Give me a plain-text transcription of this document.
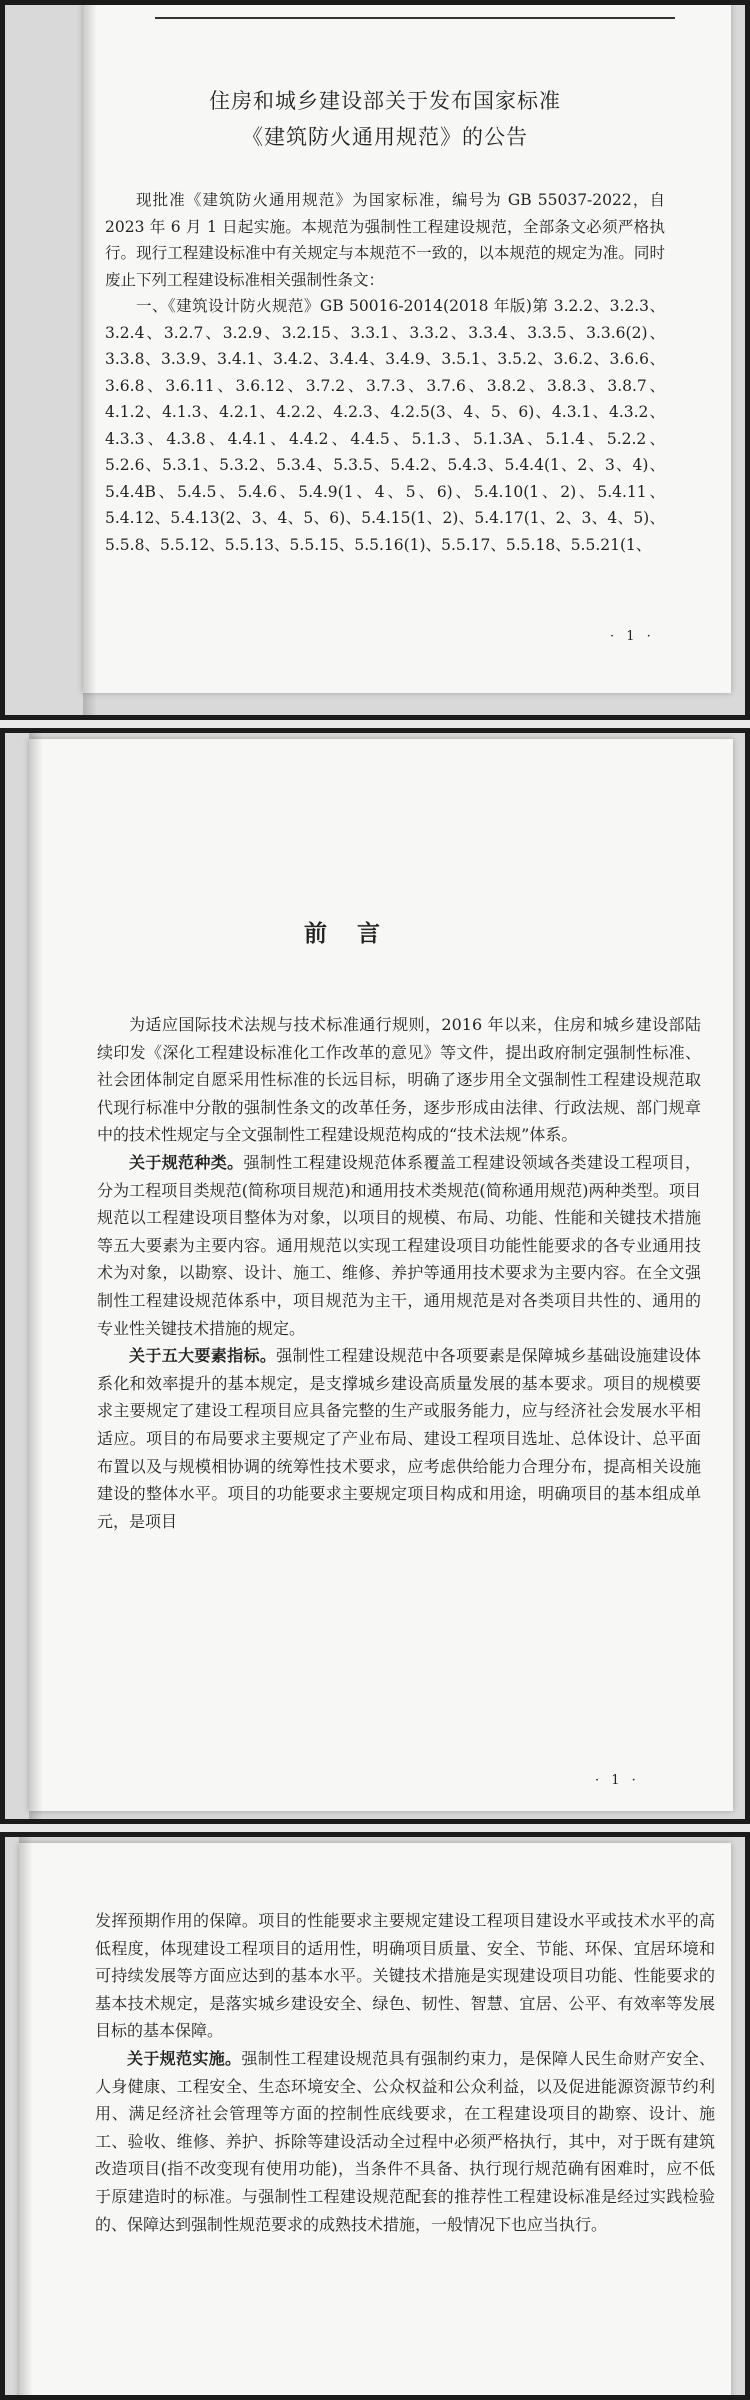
住房和城乡建设部关于发布国家标准
《建筑防火通用规范》的公告

现批准《建筑防火通用规范》为国家标准，编号为 GB 55037-2022，自 2023 年 6 月 1 日起实施。本规范为强制性工程建设规范，全部条文必须严格执行。现行工程建设标准中有关规定与本规范不一致的，以本规范的规定为准。同时废止下列工程建设标准相关强制性条文：

一、《建筑设计防火规范》GB 50016-2014(2018 年版)第 3.2.2、3.2.3、3.2.4、3.2.7、3.2.9、3.2.15、3.3.1、3.3.2、3.3.4、3.3.5、3.3.6(2)、3.3.8、3.3.9、3.4.1、3.4.2、3.4.4、3.4.9、3.5.1、3.5.2、3.6.2、3.6.6、3.6.8、3.6.11、3.6.12、3.7.2、3.7.3、3.7.6、3.8.2、3.8.3、3.8.7、4.1.2、4.1.3、4.2.1、4.2.2、4.2.3、4.2.5(3、4、5、6)、4.3.1、4.3.2、4.3.3、4.3.8、4.4.1、4.4.2、4.4.5、5.1.3、5.1.3A、5.1.4、5.2.2、5.2.6、5.3.1、5.3.2、5.3.4、5.3.5、5.4.2、5.4.3、5.4.4(1、2、3、4)、5.4.4B、5.4.5、5.4.6、5.4.9(1、4、5、6)、5.4.10(1、2)、5.4.11、5.4.12、5.4.13(2、3、4、5、6)、5.4.15(1、2)、5.4.17(1、2、3、4、5)、5.5.8、5.5.12、5.5.13、5.5.15、5.5.16(1)、5.5.17、5.5.18、5.5.21(1、

· 1 ·
前言

为适应国际技术法规与技术标准通行规则，2016 年以来，住房和城乡建设部陆续印发《深化工程建设标准化工作改革的意见》等文件，提出政府制定强制性标准、社会团体制定自愿采用性标准的长远目标，明确了逐步用全文强制性工程建设规范取代现行标准中分散的强制性条文的改革任务，逐步形成由法律、行政法规、部门规章中的技术性规定与全文强制性工程建设规范构成的“技术法规”体系。

关于规范种类。强制性工程建设规范体系覆盖工程建设领域各类建设工程项目，分为工程项目类规范(简称项目规范)和通用技术类规范(简称通用规范)两种类型。项目规范以工程建设项目整体为对象，以项目的规模、布局、功能、性能和关键技术措施等五大要素为主要内容。通用规范以实现工程建设项目功能性能要求的各专业通用技术为对象，以勘察、设计、施工、维修、养护等通用技术要求为主要内容。在全文强制性工程建设规范体系中，项目规范为主干，通用规范是对各类项目共性的、通用的专业性关键技术措施的规定。

关于五大要素指标。强制性工程建设规范中各项要素是保障城乡基础设施建设体系化和效率提升的基本规定，是支撑城乡建设高质量发展的基本要求。项目的规模要求主要规定了建设工程项目应具备完整的生产或服务能力，应与经济社会发展水平相适应。项目的布局要求主要规定了产业布局、建设工程项目选址、总体设计、总平面布置以及与规模相协调的统筹性技术要求，应考虑供给能力合理分布，提高相关设施建设的整体水平。项目的功能要求主要规定项目构成和用途，明确项目的基本组成单元，是项目

· 1 ·

发挥预期作用的保障。项目的性能要求主要规定建设工程项目建设水平或技术水平的高低程度，体现建设工程项目的适用性，明确项目质量、安全、节能、环保、宜居环境和可持续发展等方面应达到的基本水平。关键技术措施是实现建设项目功能、性能要求的基本技术规定，是落实城乡建设安全、绿色、韧性、智慧、宜居、公平、有效率等发展目标的基本保障。

关于规范实施。强制性工程建设规范具有强制约束力，是保障人民生命财产安全、人身健康、工程安全、生态环境安全、公众权益和公众利益，以及促进能源资源节约利用、满足经济社会管理等方面的控制性底线要求，在工程建设项目的勘察、设计、施工、验收、维修、养护、拆除等建设活动全过程中必须严格执行，其中，对于既有建筑改造项目(指不改变现有使用功能)，当条件不具备、执行现行规范确有困难时，应不低于原建造时的标准。与强制性工程建设规范配套的推荐性工程建设标准是经过实践检验的、保障达到强制性规范要求的成熟技术措施，一般情况下也应当执行。
